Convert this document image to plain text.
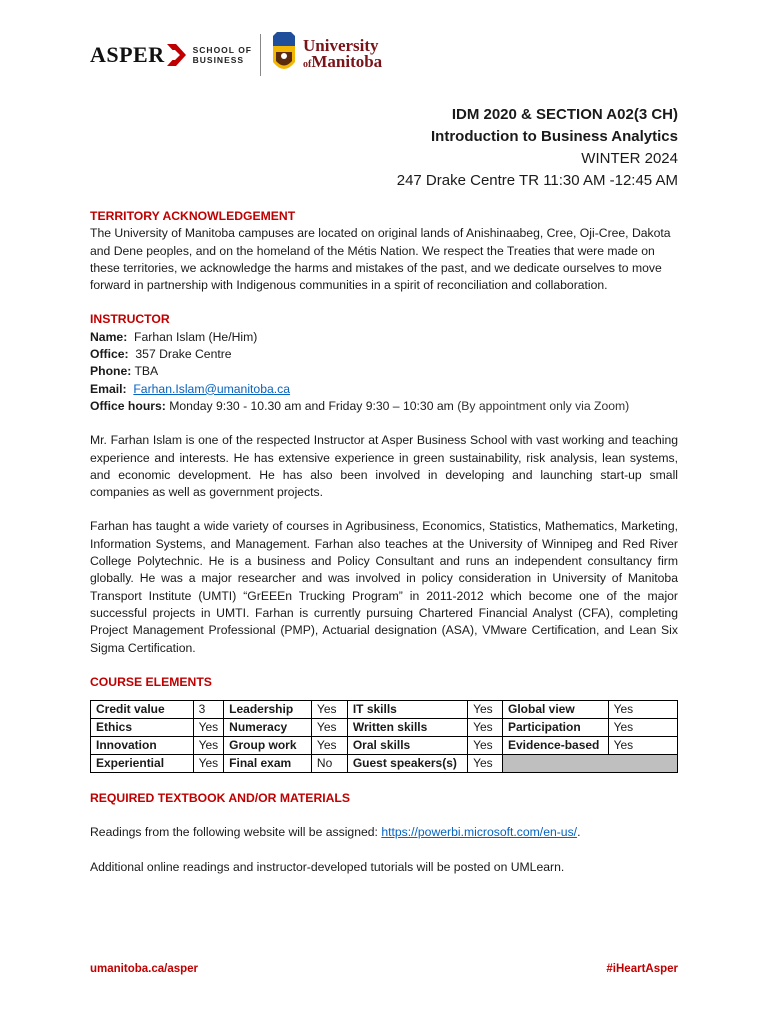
ASPER	SCHOOL OF
BUSINESS
University
ofManitoba
IDM 2020 & SECTION A02(3 CH)
Introduction to Business Analytics
WINTER 2024
247 Drake Centre TR 11:30 AM -12:45 AM
TERRITORY ACKNOWLEDGEMENT

The University of Manitoba campuses are located on original lands of Anishinaabeg, Cree, Oji-Cree, Dakota and Dene peoples, and on the homeland of the Métis Nation. We respect the Treaties that were made on these territories, we acknowledge the harms and mistakes of the past, and we dedicate ourselves to move forward in partnership with Indigenous communities in a spirit of reconciliation and collaboration.

INSTRUCTOR
Name: Farhan Islam (He/Him)
Office: 357 Drake Centre
Phone: TBA
Email: Farhan.Islam@umanitoba.ca
Office hours: Monday 9:30 - 10.30 am and Friday 9:30 – 10:30 am (By appointment only via Zoom)

Mr. Farhan Islam is one of the respected Instructor at Asper Business School with vast working and teaching experience and interests. He has extensive experience in green sustainability, risk analysis, lean systems, and economic development. He has also been involved in developing and launching start-up small companies as well as government projects.

Farhan has taught a wide variety of courses in Agribusiness, Economics, Statistics, Mathematics, Marketing, Information Systems, and Management. Farhan also teaches at the University of Winnipeg and Red River College Polytechnic. He is a business and Policy Consultant and runs an independent consultancy firm globally. He was a major researcher and was involved in policy consideration in University of Manitoba Transport Institute (UMTI) “GrEEEn Trucking Program” in 2011-2012 which become one of the major successful projects in UMTI. Farhan is currently pursuing Chartered Financial Analyst (CFA), completing Project Management Professional (PMP), Actuarial designation (ASA), VMware Certification, and Lean Six Sigma Certification.

COURSE ELEMENTS
Credit value	3	Leadership	Yes	IT skills	Yes	Global view	Yes
Ethics	Yes	Numeracy	Yes	Written skills	Yes	Participation	Yes
Innovation	Yes	Group work	Yes	Oral skills	Yes	Evidence-based	Yes
Experiential	Yes	Final exam	No	Guest speakers(s)	Yes		
REQUIRED TEXTBOOK AND/OR MATERIALS

Readings from the following website will be assigned: https://powerbi.microsoft.com/en-us/.

Additional online readings and instructor-developed tutorials will be posted on UMLearn.

umanitoba.ca/asper	#iHeartAsper
